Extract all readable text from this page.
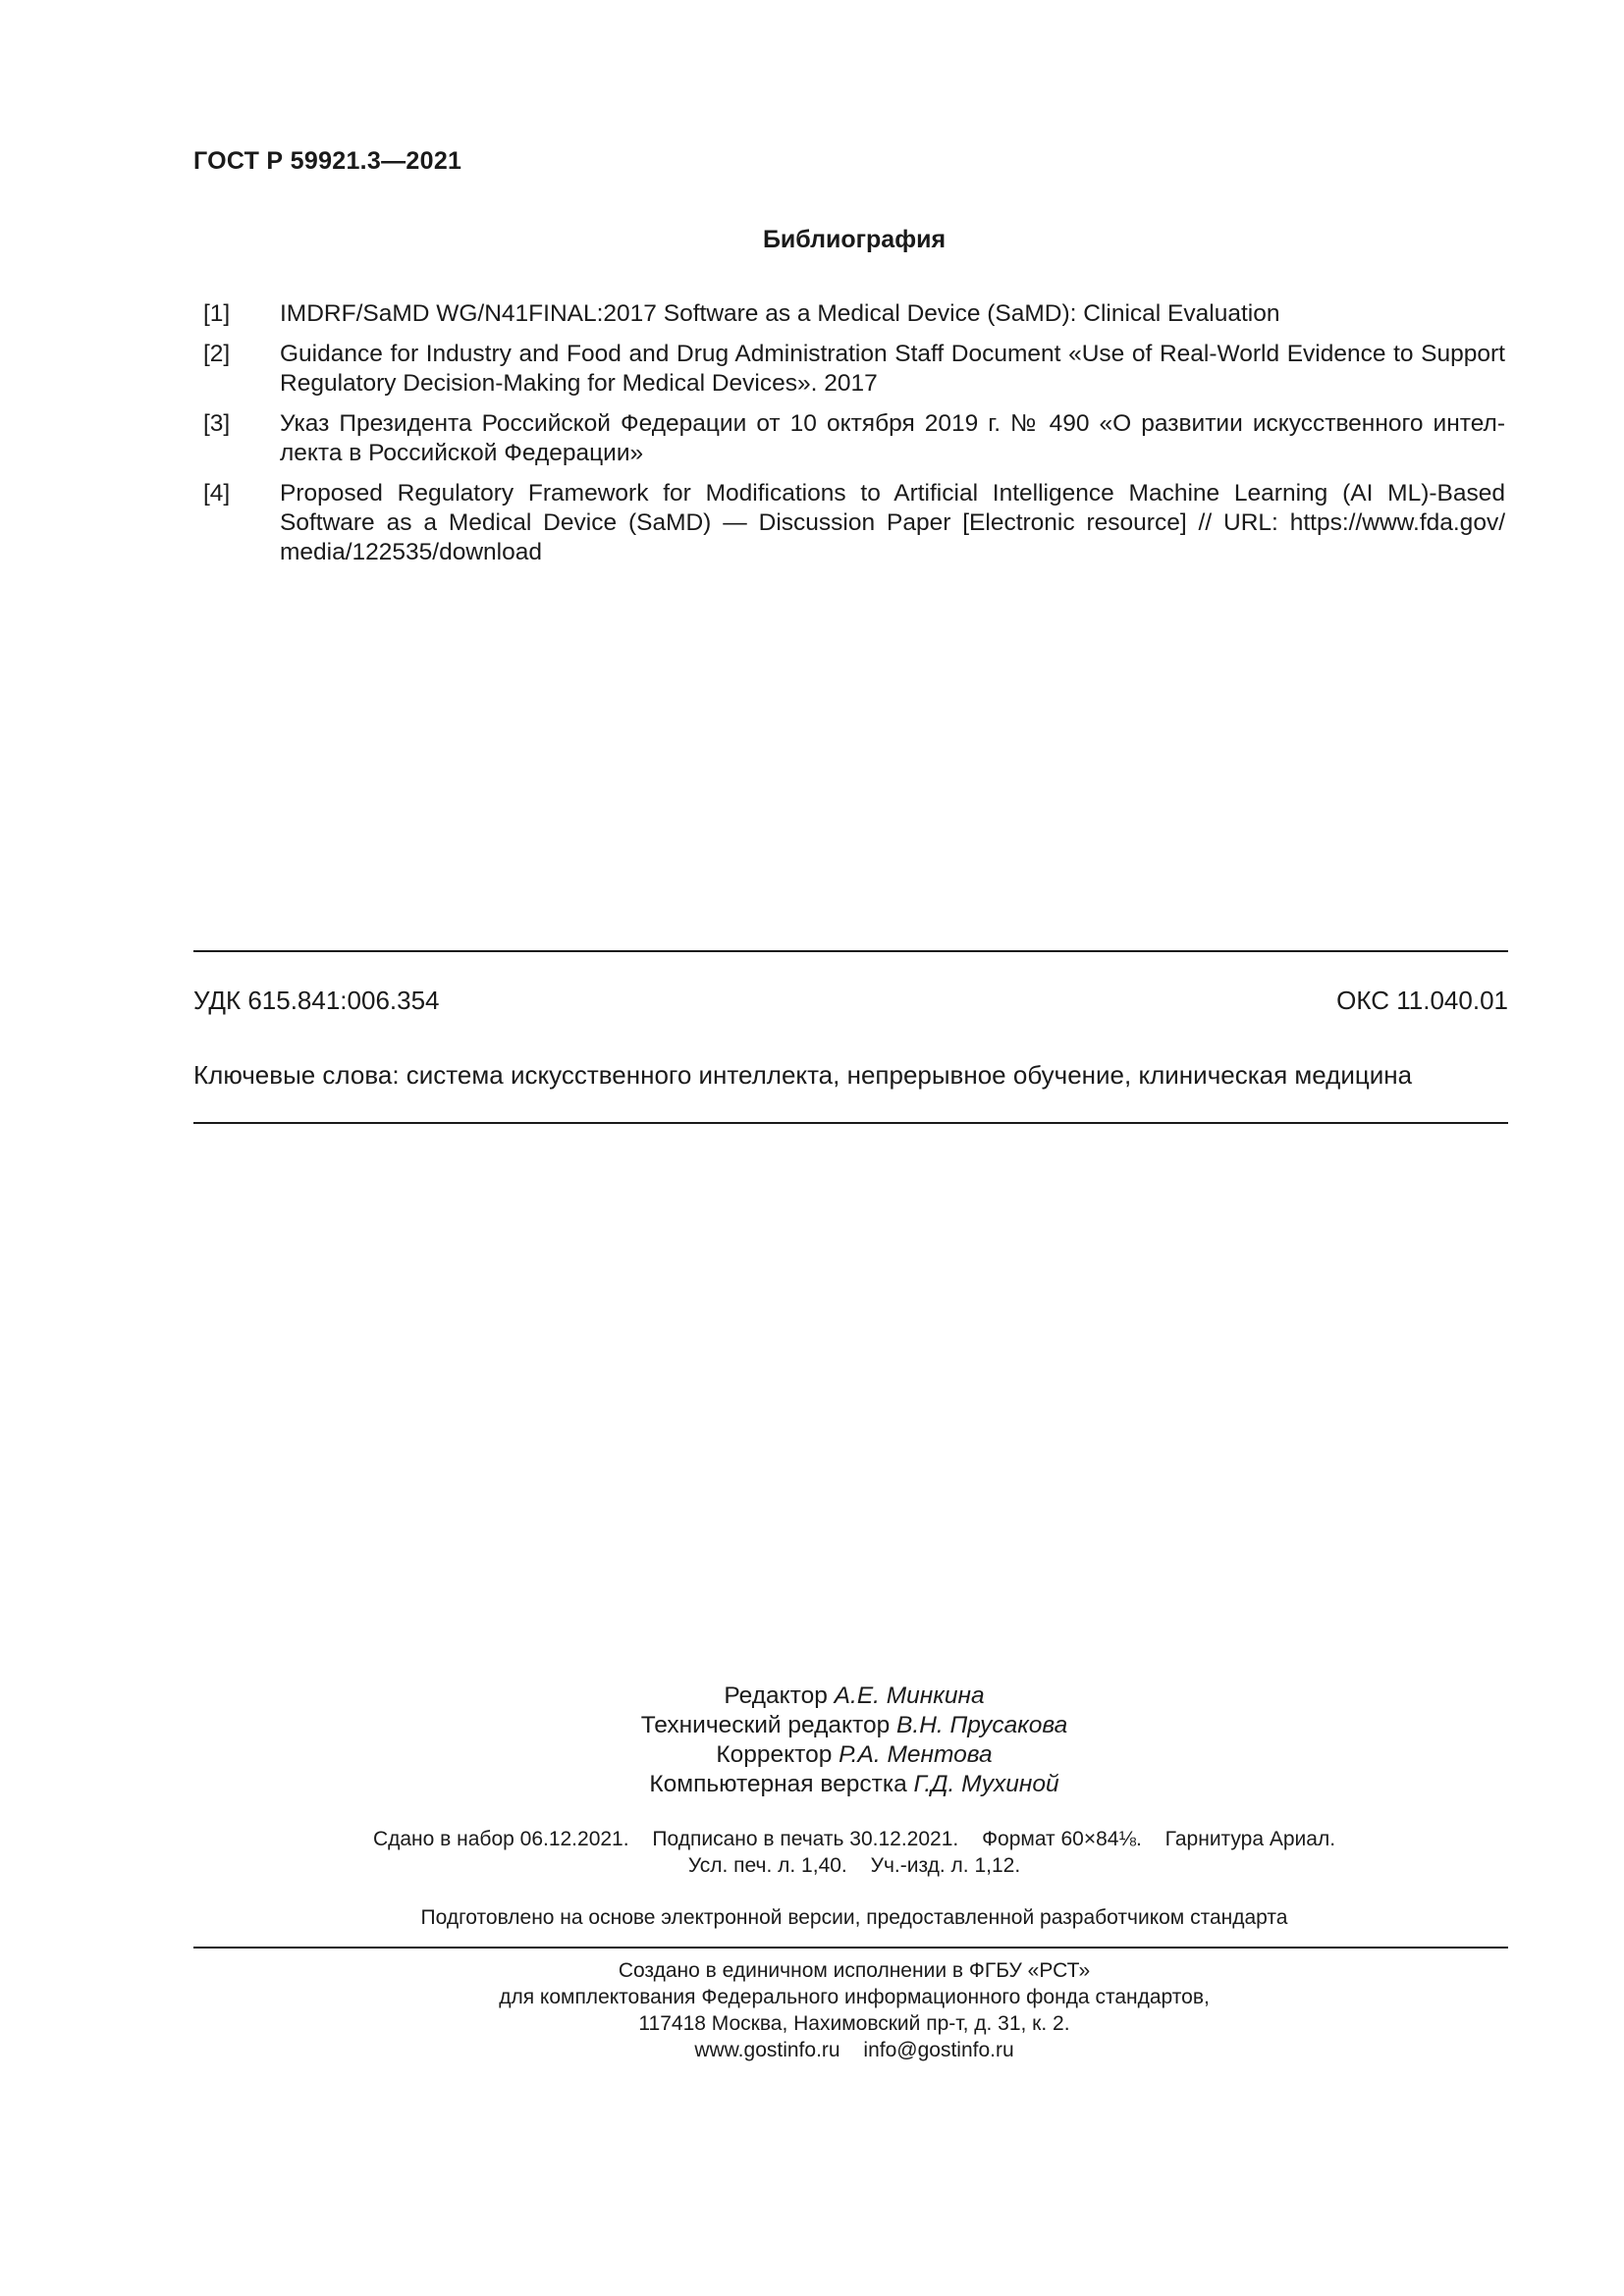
ГОСТ Р 59921.3—2021
Библиография
[1]	IMDRF/SaMD WG/N41FINAL:2017 Software as a Medical Device (SaMD): Clinical Evaluation
[2]	Guidance for Industry and Food and Drug Administration Staff Document «Use of Real-World Evidence to Support Regulatory Decision-Making for Medical Devices». 2017
[3]	Указ Президента Российской Федерации от 10 октября 2019 г. № 490 «О развитии искусственного интел-лекта в Российской Федерации»
[4]	Proposed Regulatory Framework for Modifications to Artificial Intelligence Machine Learning (AI ML)-Based Software as a Medical Device (SaMD) — Discussion Paper [Electronic resource] // URL: https://www.fda.gov/ media/122535/download
УДК 615.841:006.354	ОКС 11.040.01
Ключевые слова: система искусственного интеллекта, непрерывное обучение, клиническая медицина
Редактор А.Е. Минкина
Технический редактор В.Н. Прусакова
Корректор Р.А. Ментова
Компьютерная верстка Г.Д. Мухиной
Сдано в набор 06.12.2021. Подписано в печать 30.12.2021. Формат 60×84⅛. Гарнитура Ариал.
Усл. печ. л. 1,40. Уч.-изд. л. 1,12.
Подготовлено на основе электронной версии, предоставленной разработчиком стандарта
Создано в единичном исполнении в ФГБУ «РСТ»
для комплектования Федерального информационного фонда стандартов,
117418 Москва, Нахимовский пр-т, д. 31, к. 2.
www.gostinfo.ru info@gostinfo.ru
